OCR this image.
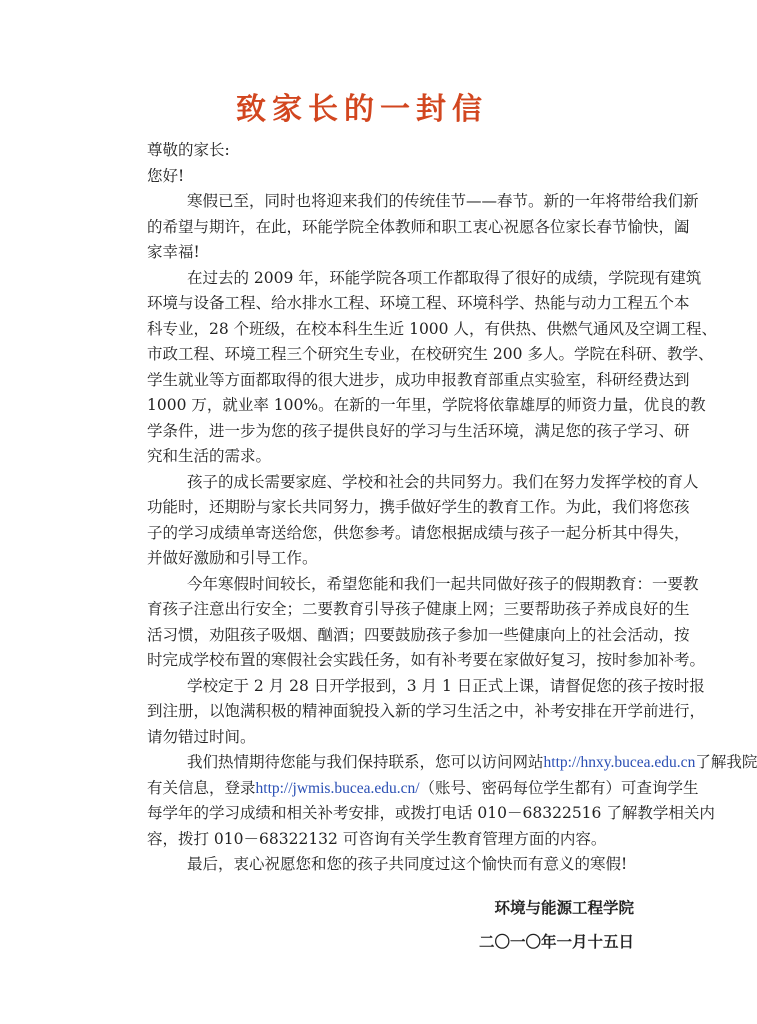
致家长的一封信
尊敬的家长:
您好!
寒假已至，同时也将迎来我们的传统佳节——春节。新的一年将带给我们新
的希望与期许，在此，环能学院全体教师和职工衷心祝愿各位家长春节愉快，阖
家幸福!
在过去的 2009 年，环能学院各项工作都取得了很好的成绩，学院现有建筑
环境与设备工程、给水排水工程、环境工程、环境科学、热能与动力工程五个本
科专业，28 个班级，在校本科生生近 1000 人，有供热、供燃气通风及空调工程、
市政工程、环境工程三个研究生专业，在校研究生 200 多人。学院在科研、教学、
学生就业等方面都取得的很大进步，成功申报教育部重点实验室，科研经费达到
1000 万，就业率 100%。在新的一年里，学院将依靠雄厚的师资力量，优良的教
学条件，进一步为您的孩子提供良好的学习与生活环境，满足您的孩子学习、研
究和生活的需求。
孩子的成长需要家庭、学校和社会的共同努力。我们在努力发挥学校的育人
功能时，还期盼与家长共同努力，携手做好学生的教育工作。为此，我们将您孩
子的学习成绩单寄送给您，供您参考。请您根据成绩与孩子一起分析其中得失，
并做好激励和引导工作。
今年寒假时间较长，希望您能和我们一起共同做好孩子的假期教育：一要教
育孩子注意出行安全；二要教育引导孩子健康上网；三要帮助孩子养成良好的生
活习惯，劝阻孩子吸烟、酗酒；四要鼓励孩子参加一些健康向上的社会活动，按
时完成学校布置的寒假社会实践任务，如有补考要在家做好复习，按时参加补考。
学校定于 2 月 28 日开学报到，3 月 1 日正式上课，请督促您的孩子按时报
到注册，以饱满积极的精神面貌投入新的学习生活之中，补考安排在开学前进行，
请勿错过时间。
我们热情期待您能与我们保持联系，您可以访问网站http://hnxy.bucea.edu.cn了解我院
有关信息，登录http://jwmis.bucea.edu.cn/（账号、密码每位学生都有）可查询学生
每学年的学习成绩和相关补考安排，或拨打电话 010－68322516 了解教学相关内
容，拨打 010－68322132 可咨询有关学生教育管理方面的内容。
最后，衷心祝愿您和您的孩子共同度过这个愉快而有意义的寒假!
环境与能源工程学院
二〇一〇年一月十五日
